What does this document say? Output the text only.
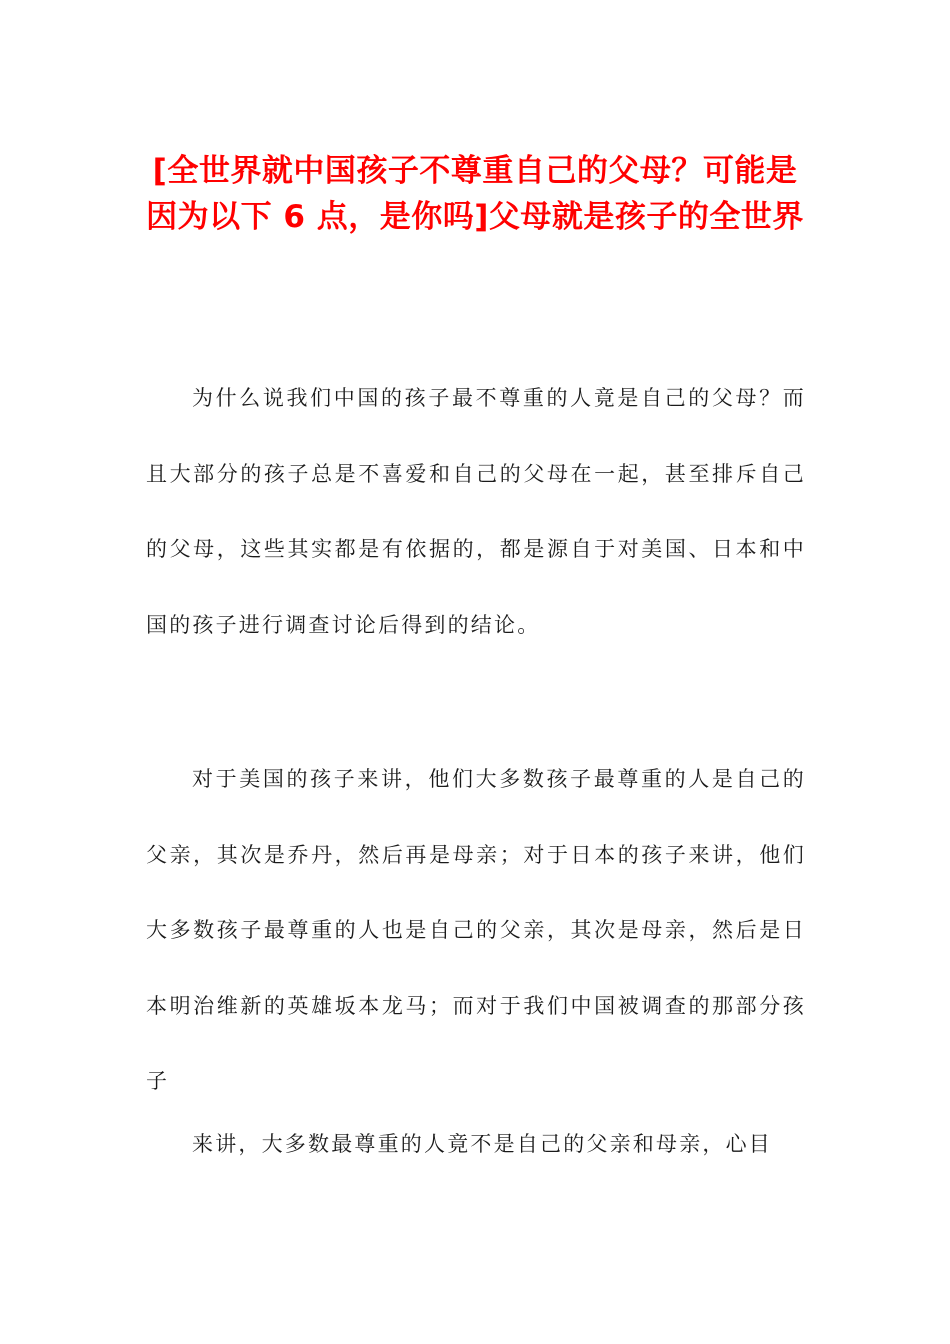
[全世界就中国孩子不尊重自己的父母？可能是因为以下 6 点，是你吗]父母就是孩子的全世界

为什么说我们中国的孩子最不尊重的人竟是自己的父母？而且大部分的孩子总是不喜爱和自己的父母在一起，甚至排斥自己的父母，这些其实都是有依据的，都是源自于对美国、日本和中国的孩子进行调查讨论后得到的结论。

对于美国的孩子来讲，他们大多数孩子最尊重的人是自己的父亲，其次是乔丹，然后再是母亲；对于日本的孩子来讲，他们大多数孩子最尊重的人也是自己的父亲，其次是母亲，然后是日本明治维新的英雄坂本龙马；而对于我们中国被调查的那部分孩子

来讲，大多数最尊重的人竟不是自己的父亲和母亲，心目
